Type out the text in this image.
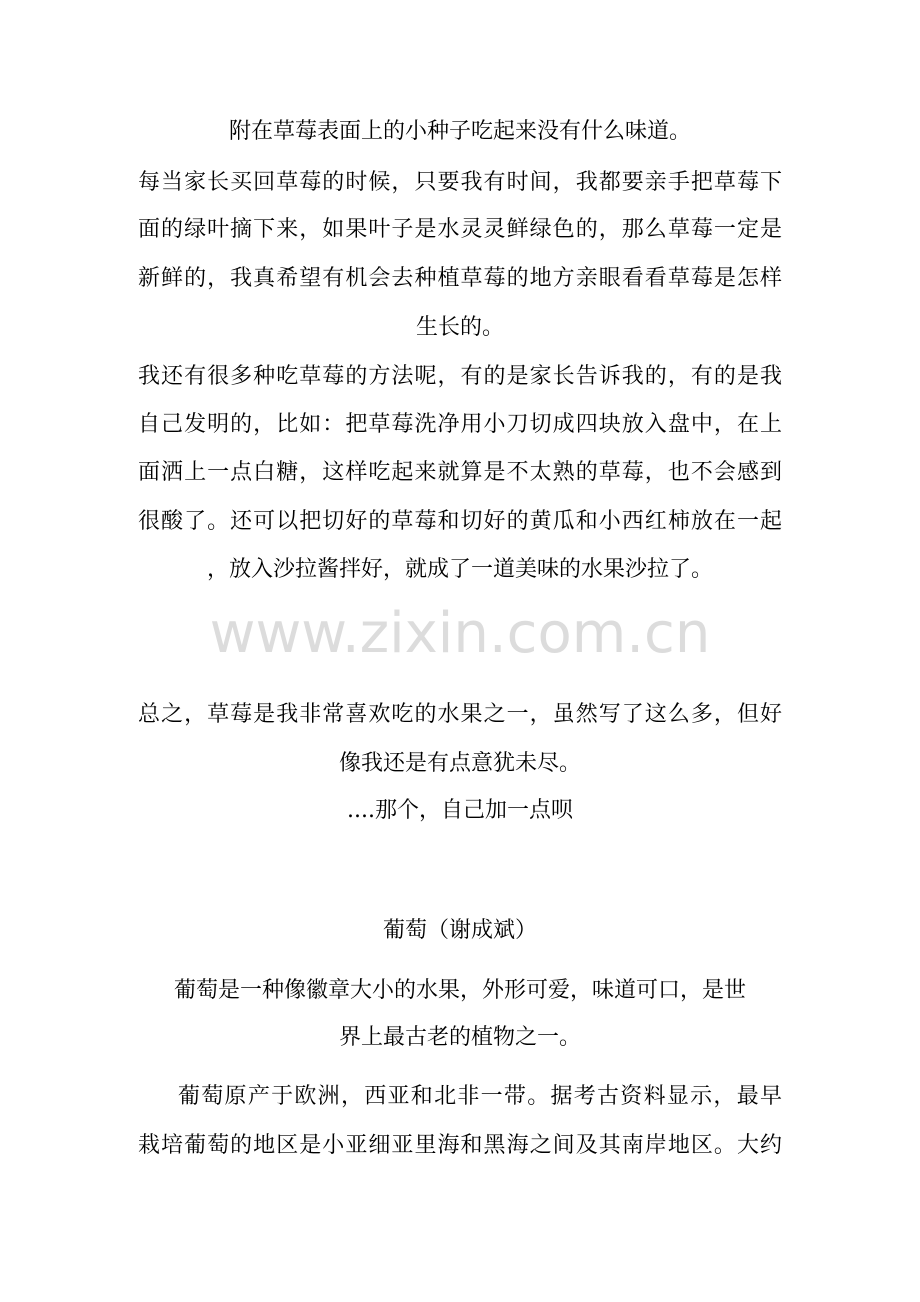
附在草莓表面上的小种子吃起来没有什么味道。

每当家长买回草莓的时候，只要我有时间，我都要亲手把草莓下

面的绿叶摘下来，如果叶子是水灵灵鲜绿色的，那么草莓一定是

新鲜的，我真希望有机会去种植草莓的地方亲眼看看草莓是怎样

生长的。

我还有很多种吃草莓的方法呢，有的是家长告诉我的，有的是我

自己发明的，比如：把草莓洗净用小刀切成四块放入盘中，在上

面洒上一点白糖，这样吃起来就算是不太熟的草莓，也不会感到

很酸了。还可以把切好的草莓和切好的黄瓜和小西红柿放在一起

，放入沙拉酱拌好，就成了一道美味的水果沙拉了。

www.zixin.com.cn

总之，草莓是我非常喜欢吃的水果之一，虽然写了这么多，但好

像我还是有点意犹未尽。

....那个，自己加一点呗

葡萄（谢成斌）

葡萄是一种像徽章大小的水果，外形可爱，味道可口，是世

界上最古老的植物之一。

葡萄原产于欧洲，西亚和北非一带。据考古资料显示，最早

栽培葡萄的地区是小亚细亚里海和黑海之间及其南岸地区。大约
